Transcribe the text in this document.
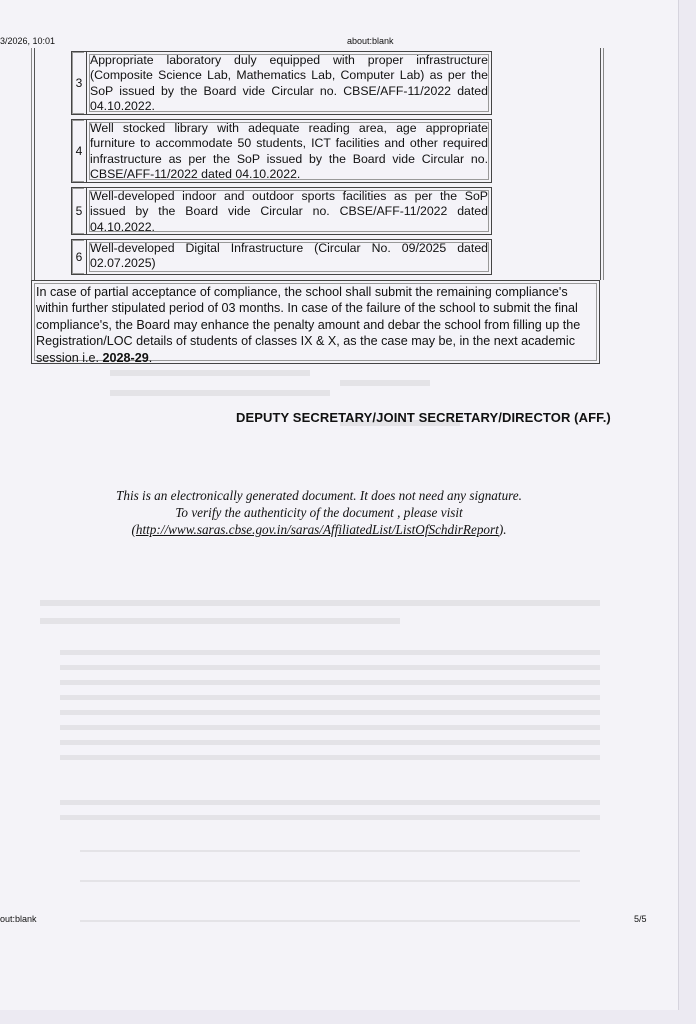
3/2026, 10:01	about:blank
3
Appropriate laboratory duly equipped with proper infrastructure (Composite Science Lab, Mathematics Lab, Computer Lab) as per the SoP issued by the Board vide Circular no. CBSE/AFF-11/2022 dated 04.10.2022.
4
Well stocked library with adequate reading area, age appropriate furniture to accommodate 50 students, ICT facilities and other required infrastructure as per the SoP issued by the Board vide Circular no. CBSE/AFF-11/2022 dated 04.10.2022.
5
Well-developed indoor and outdoor sports facilities as per the SoP issued by the Board vide Circular no. CBSE/AFF-11/2022 dated 04.10.2022.
6
Well-developed Digital Infrastructure (Circular No. 09/2025 dated 02.07.2025)
In case of partial acceptance of compliance, the school shall submit the remaining compliance's within further stipulated period of 03 months. In case of the failure of the school to submit the final compliance's, the Board may enhance the penalty amount and debar the school from filling up the Registration/LOC details of students of classes IX & X, as the case may be, in the next academic session i.e. 2028-29.
DEPUTY SECRETARY/JOINT SECRETARY/DIRECTOR (AFF.)
This is an electronically generated document. It does not need any signature.
To verify the authenticity of the document , please visit
(http://www.saras.cbse.gov.in/saras/AffiliatedList/ListOfSchdirReport).
out:blank	5/5
